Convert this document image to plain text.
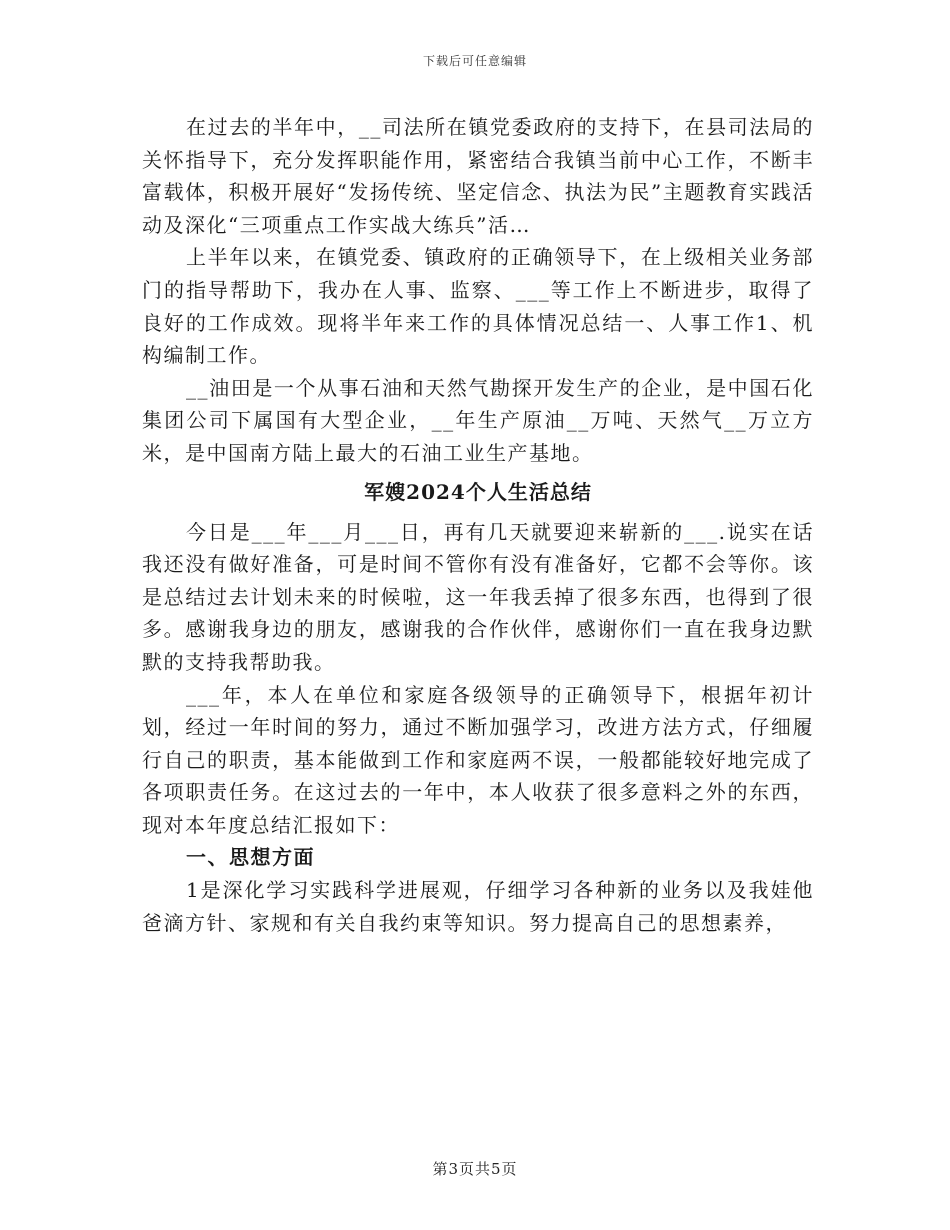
下载后可任意编辑

在过去的半年中，__司法所在镇党委政府的支持下，在县司法局的关怀指导下，充分发挥职能作用，紧密结合我镇当前中心工作，不断丰富载体，积极开展好“发扬传统、坚定信念、执法为民”主题教育实践活动及深化“三项重点工作实战大练兵”活…

上半年以来，在镇党委、镇政府的正确领导下，在上级相关业务部门的指导帮助下，我办在人事、监察、___等工作上不断进步，取得了良好的工作成效。现将半年来工作的具体情况总结一、人事工作1、机构编制工作。

__油田是一个从事石油和天然气勘探开发生产的企业，是中国石化集团公司下属国有大型企业，__年生产原油__万吨、天然气__万立方米，是中国南方陆上最大的石油工业生产基地。

军嫂2024个人生活总结

今日是___年___月___日，再有几天就要迎来崭新的___.说实在话我还没有做好准备，可是时间不管你有没有准备好，它都不会等你。该是总结过去计划未来的时候啦，这一年我丢掉了很多东西，也得到了很多。感谢我身边的朋友，感谢我的合作伙伴，感谢你们一直在我身边默默的支持我帮助我。

___年，本人在单位和家庭各级领导的正确领导下，根据年初计划，经过一年时间的努力，通过不断加强学习，改进方法方式，仔细履行自己的职责，基本能做到工作和家庭两不误，一般都能较好地完成了各项职责任务。在这过去的一年中，本人收获了很多意料之外的东西，现对本年度总结汇报如下：

一、思想方面

1是深化学习实践科学进展观，仔细学习各种新的业务以及我娃他爸滴方针、家规和有关自我约束等知识。努力提高自己的思想素养，

第3页共5页
